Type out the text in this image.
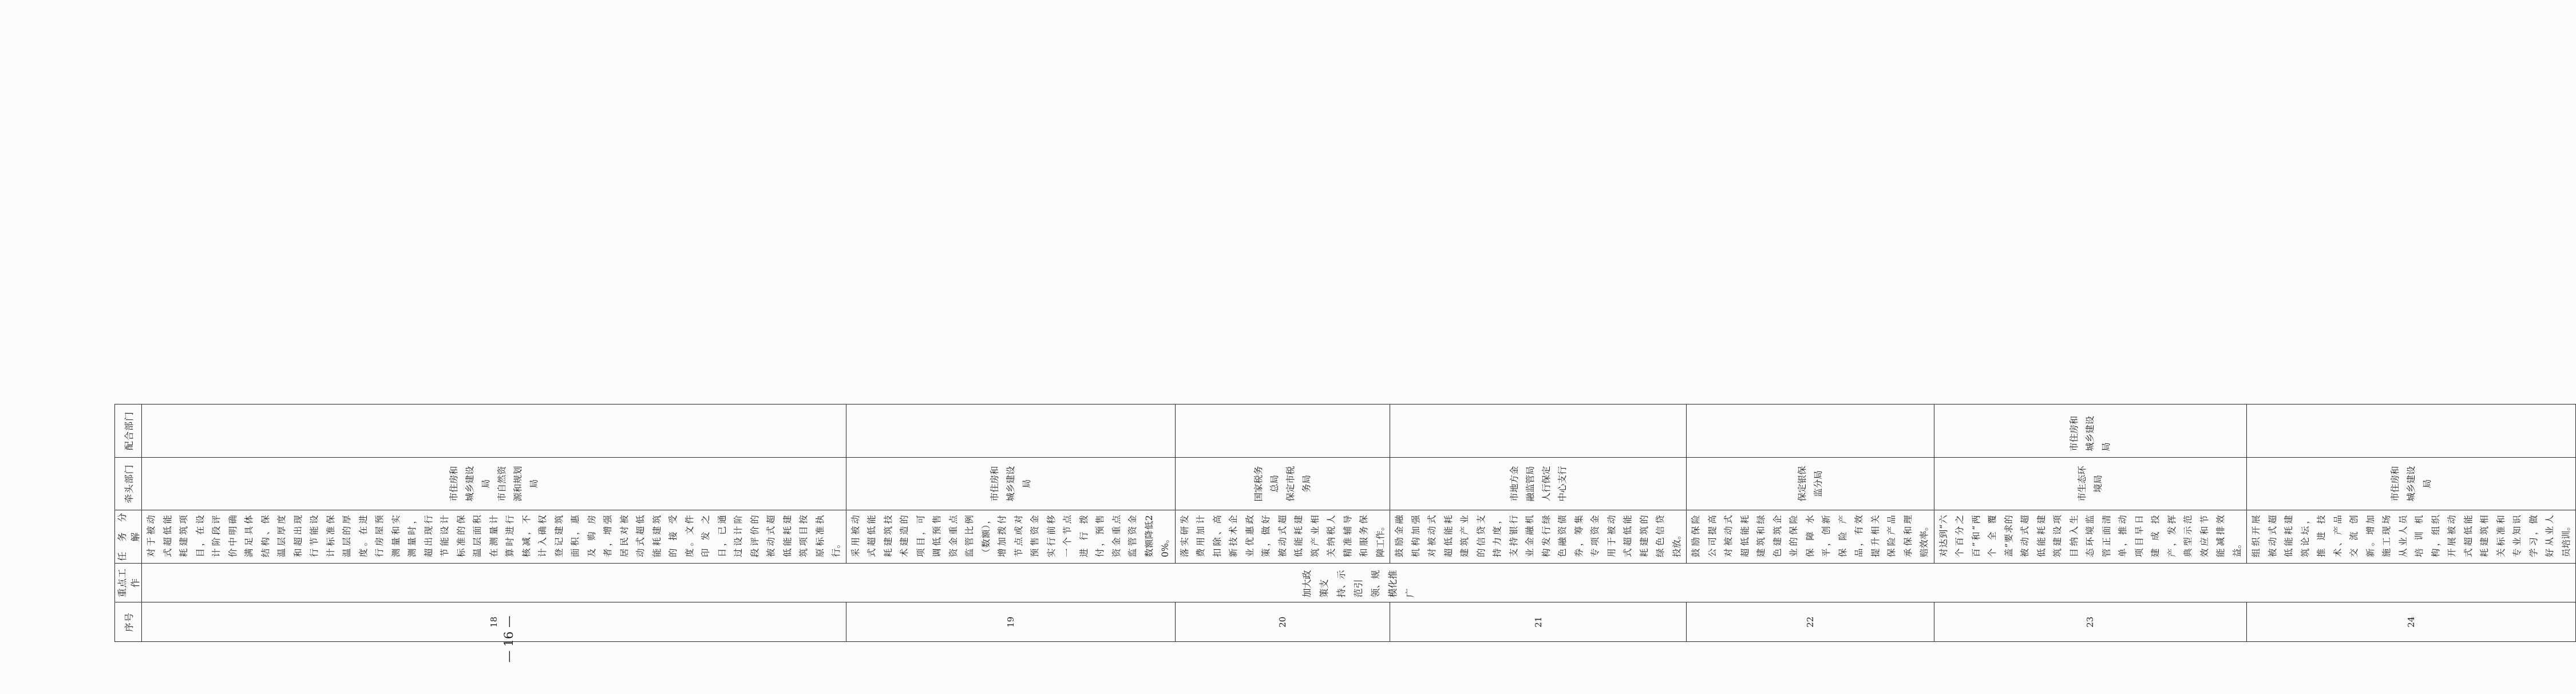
序号	重点工作	任　务　分　解	牵头部门	配合部门
18	加大政策支持、示范引领、规模化推广	对于被动式超低能耗建筑项目，在设计阶段评价中明确满足具体结构、保温层厚度和超出现行节能设计标准保温层的厚度。在进行房屋预测量和实测量时，超出现行节能设计标准的保温层面积在测量计算时进行核减，不计入确权登记建筑面积，惠及购房者，增强居民对被动式超低能耗建筑的接受度。文件印发之日，已通过设计阶段评价的被动式超低能耗建筑项目按原标准执行。	市住房和城乡建设局 市自然资源和规划局	

19		采用被动式超低能耗建筑技术建造的项目，可调低预售资金重点监管比例（数额），增加拨付节点或对预售资金实行前移一个节点进行拨付，预售资金重点监管资金数额降低20%。	市住房和城乡建设局	

20		落实研发费用加计扣除、高新技术企业优惠政策，做好被动式超低能耗建筑产业相关纳税人精准辅导和服务保障工作。	国家税务总局 保定市税务局	

21		鼓励金融机构加强对被动式超低能耗建筑产业的信贷支持力度，支持银行业金融机构发行绿色融资债券，筹集专项资金用于被动式超低能耗建筑的绿色信贷投放。	市地方金融监管局 人行保定中心支行	

22		鼓励保险公司提高对被动式超低能耗建筑和绿色建筑企业的保险保障水平，创新保险产品，有效提升相关保险产品承保和理赔效率。	保定银保监分局	

23		对达到“六个百分之百”和“两个全覆盖”要求的被动式超低能耗建筑建设项目纳入生态环境监管正面清单，推动项目早日建成投产，发挥典型示范效应和节能减排效益。	市生态环境局	市住房和城乡建设局
24		组织开展被动式超低能耗建筑论坛，推进技术、产品交流创新。增加施工现场从业人员培训机构，组织开展被动式超低能耗建筑相关标准和专业知识学习，做好从业人员培训。	市住房和城乡建设局	

— 16 —
